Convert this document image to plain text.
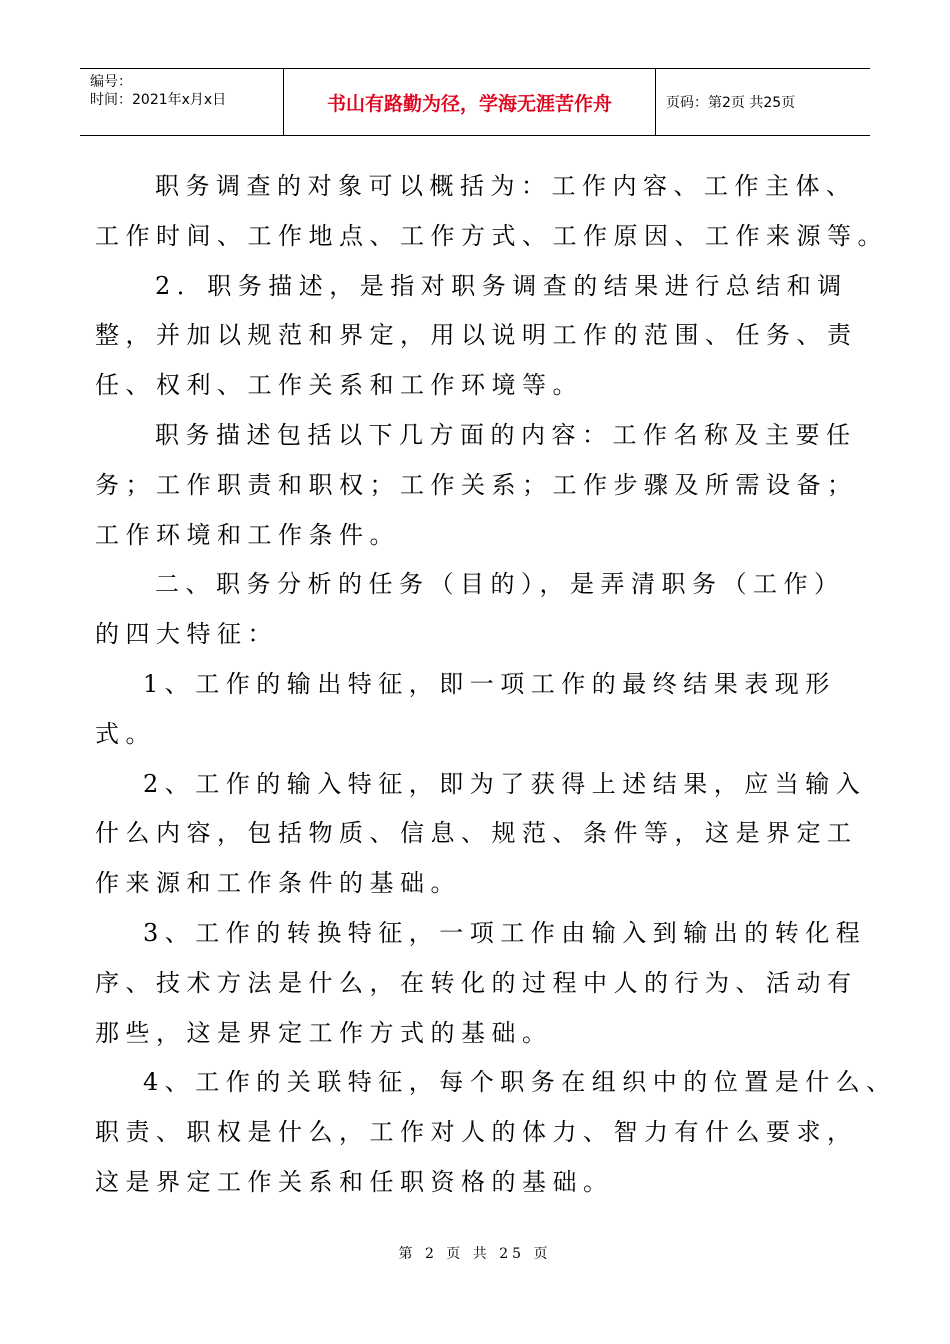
编号：
时间：2021年x月x日	书山有路勤为径，学海无涯苦作舟	页码：第2页 共25页
职务调查的对象可以概括为：工作内容、工作主体、
工作时间、工作地点、工作方式、工作原因、工作来源等。
2．职务描述，是指对职务调查的结果进行总结和调
整，并加以规范和界定，用以说明工作的范围、任务、责
任、权利、工作关系和工作环境等。
职务描述包括以下几方面的内容：工作名称及主要任
务；工作职责和职权；工作关系；工作步骤及所需设备；
工作环境和工作条件。
二、职务分析的任务（目的），是弄清职务（工作）
的四大特征：
1、工作的输出特征，即一项工作的最终结果表现形
式。
2、工作的输入特征，即为了获得上述结果，应当输入
什么内容，包括物质、信息、规范、条件等，这是界定工
作来源和工作条件的基础。
3、工作的转换特征，一项工作由输入到输出的转化程
序、技术方法是什么，在转化的过程中人的行为、活动有
那些，这是界定工作方式的基础。
4、工作的关联特征，每个职务在组织中的位置是什么、
职责、职权是什么，工作对人的体力、智力有什么要求，
这是界定工作关系和任职资格的基础。
第 2 页 共 25 页
